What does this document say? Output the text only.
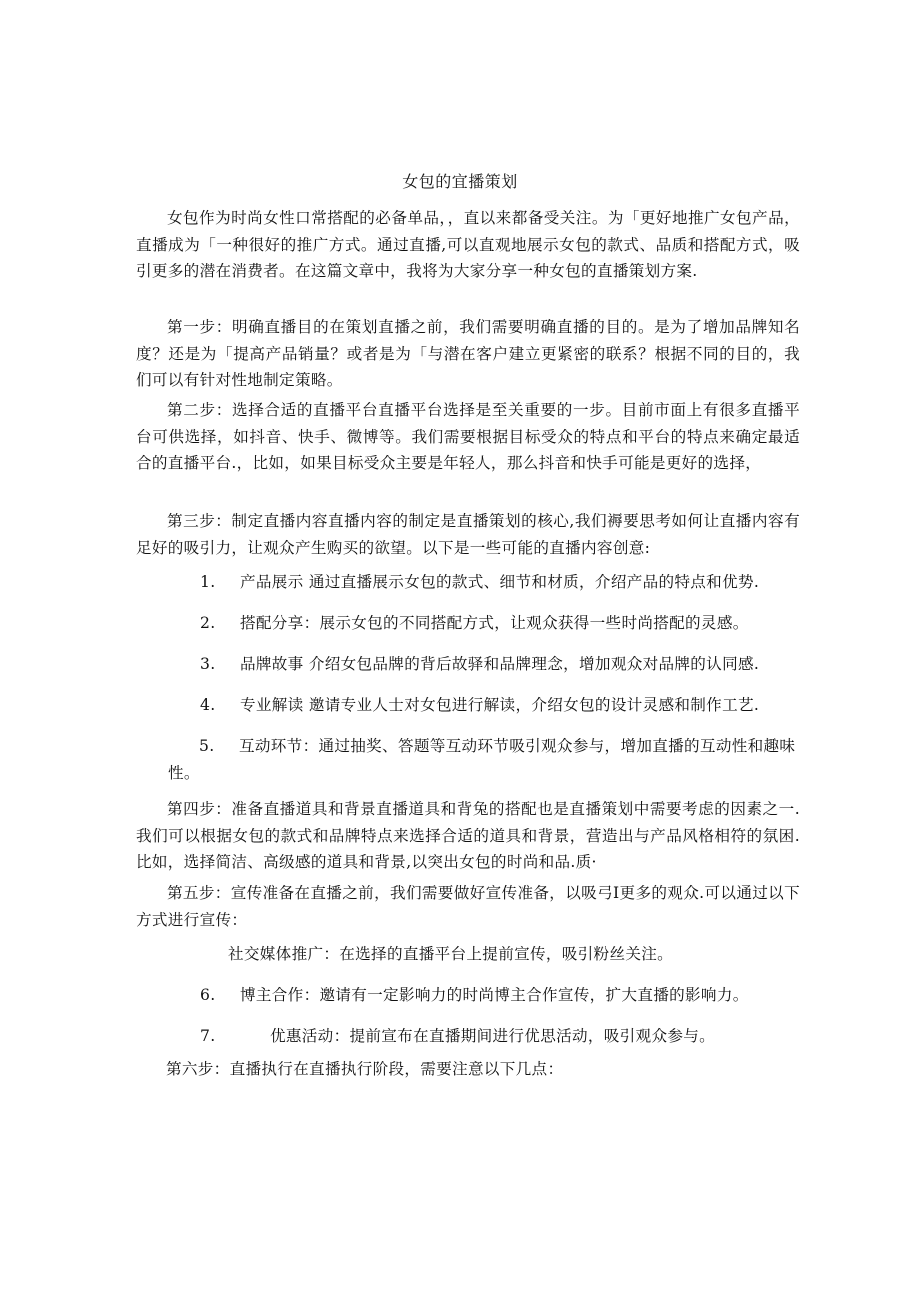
女包的宜播策划

女包作为时尚女性口常搭配的必备单品，，直以来都备受关注。为「更好地推广女包产品，直播成为「一种很好的推广方式。通过直播,可以直观地展示女包的款式、品质和搭配方式，吸引更多的潜在消费者。在这篇文章中，我将为大家分享一种女包的直播策划方案.

第一步：明确直播目的在策划直播之前，我们需要明确直播的目的。是为了增加品牌知名度？还是为「提高产品销量？或者是为「与潜在客户建立更紧密的联系？根据不同的目的，我们可以有针对性地制定策略。

第二步：选择合适的直播平台直播平台选择是至关重要的一步。目前市面上有很多直播平台可供选择，如抖音、快手、微博等。我们需要根据目标受众的特点和平台的特点来确定最适合的直播平台.，比如，如果目标受众主要是年轻人，那么抖音和快手可能是更好的选择，

第三步：制定直播内容直播内容的制定是直播策划的核心,我们褥要思考如何让直播内容有足好的吸引力，让观众产生购买的欲望。以下是一些可能的直播内容创意:

1. 产品展示 通过直播展示女包的款式、细节和材质，介绍产品的特点和优势.
2. 搭配分享：展示女包的不同搭配方式，让观众获得一些时尚搭配的灵感。
3. 品牌故事 介绍女包品牌的背后故驿和品牌理念，增加观众对品牌的认同感.
4. 专业解读 邀请专业人士对女包进行解读，介绍女包的设计灵感和制作工艺.
5. 互动环节：通过抽奖、答题等互动环节吸引观众参与，增加直播的互动性和趣味性。

第四步：准备直播道具和背景直播道具和背兔的搭配也是直播策划中需要考虑的因素之一.我们可以根据女包的款式和品牌特点来选择合适的道具和背景，营造出与产品风格相符的氛困.比如，选择简洁、高级感的道具和背景,以突出女包的时尚和品.质·

第五步：宣传准备在直播之前，我们需要做好宣传准备，以吸弓I更多的观众.可以通过以下方式进行宣传：

社交媒体推广：在选择的直播平台上提前宣传，吸引粉丝关注。
6. 博主合作：邀请有一定影响力的时尚博主合作宣传，扩大直播的影响力。
7.	优惠活动：提前宣布在直播期间进行优思活动，吸引观众参与。
第六步：直播执行在直播执行阶段，需要注意以下几点：
